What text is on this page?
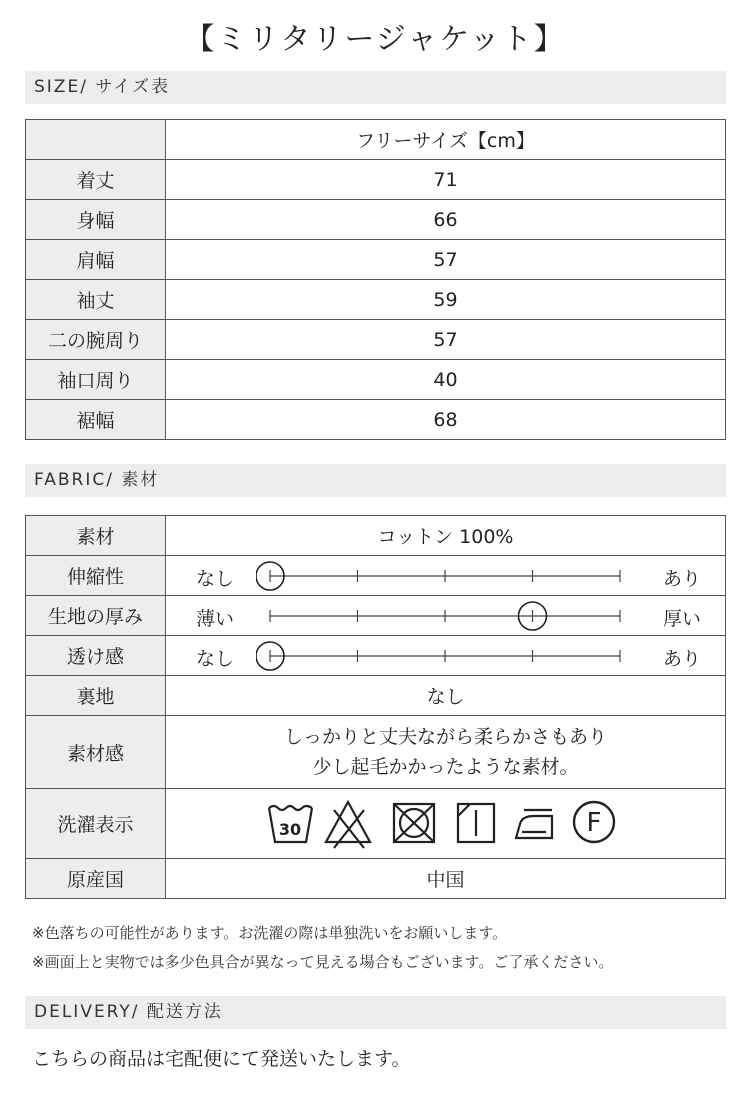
【ミリタリージャケット】
SIZE/ サイズ表
	フリーサイズ【cm】
着丈	71
身幅	66
肩幅	57
袖丈	59
二の腕周り	57
袖口周り	40
裾幅	68
FABRIC/ 素材
素材	コットン 100%
伸縮性	なし あり

生地の厚み	薄い 厚い

透け感	なし あり

裏地	なし
素材感	しっかりと丈夫ながら柔らかさもあり
少し起毛かかったような素材。

洗濯表示	30 F

原産国	中国
※色落ちの可能性があります。お洗濯の際は単独洗いをお願いします。
※画面上と実物では多少色具合が異なって見える場合もございます。ご了承ください。
DELIVERY/ 配送方法
こちらの商品は宅配便にて発送いたします。
